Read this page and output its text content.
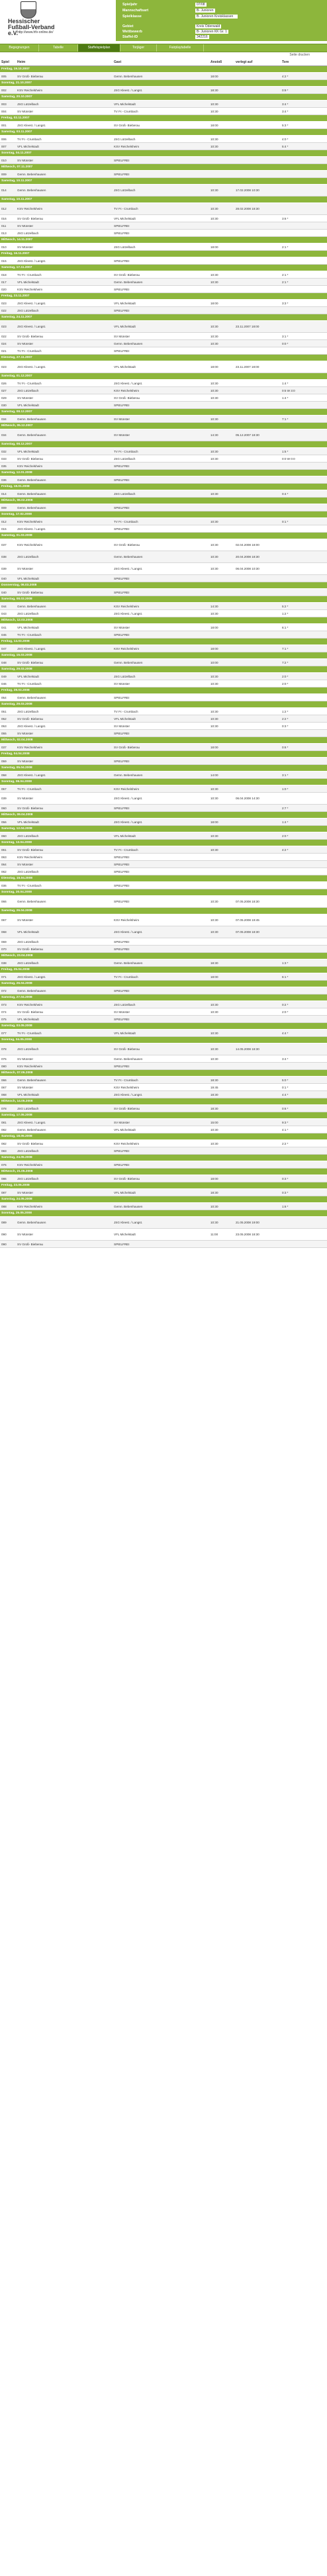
Hessischer Fußball-Verband e.V.
http://www.hfv-online.de/
Spieljahr	07/08
Mannschaftsart	B- Junioren
Spielklasse	B- Junioren Kreisklassen
Gebiet	Kreis Odenwald
Wettbewerb	B- Junioren KK Gr. 1
Staffel-ID	342216
Begegnungen	Tabelle	Staffelspielplan	Torjäger	Fairplaytabelle
Seite drucken
Spiel	Heim	Gast	Anstoß	verlegt auf	Tore
Freitag, 19.10.2007					
005	SV Groß- Bieberau	Gemn. Bebenhausen	18:00		4:2 *
Sonntag, 21.10.2007					
002	KSV Reichelsheim	JSG Kleest. / Langst.	18:30		0:9 *
Samstag, 20.10.2007					
003	JSG Lützelbach	VFL Michelstadt	10:30		3:4 *
004	SV Münster	TV Fr.- Crumbach	10:30		3:4 *
Freitag, 02.11.2007					
001	JSG Kleest. / Langst.	SV Groß- Bieberau	18:00		5:3 *
Samstag, 03.11.2007					
006	TV Fr.- Crumbach	JSG Lützelbach	10:30		4:0 *
007	VFL Michelstadt	KSV Reichelsheim	10:30		5:4 *
Sonntag, 04.11.2007					
010	SV Münster	SPIELFREI			
Mittwoch, 07.11.2007					
009	Gemn. Bebenhausen	SPIELFREI			
Samstag, 10.11.2007					
014	Gemn. Bebenhausen	JSG Lützelbach	10:30	17.02.2008 10:30	
Samstag, 10.11.2007					
012	KSV Reichelsheim	TV Fr.- Crumbach	10:30	28.02.2008 18:30	
016	SV Groß- Bieberau	VFL Michelstadt	10:30		3:6 *
011	SV Münster	SPIELFREI			
013	JSG Lützelbach	SPIELFREI			
Mittwoch, 14.11.2007					
010	SV Münster	JSG Lützelbach	18:00		2:1 *
Freitag, 16.11.2007					
015	JSG Kleest. / Langst.	SPIELFREI			
Samstag, 17.11.2007					
018	TV Fr.- Crumbach	SV Groß- Bieberau	10:30		2:1 *
017	VFL Michelstadt	Gemn. Bebenhausen	10:30		2:1 *
020	KSV Reichelsheim	SPIELFREI			
Freitag, 23.11.2007					
023	JSG Kleest. / Langst.	VFL Michelstadt	18:00		3:3 *
022	JSG Lützelbach	SPIELFREI			
Samstag, 24.11.2007					
023	JSG Kleest. / Langst.	VFL Michelstadt	10:30	23.11.2007 18:00	
022	SV Groß- Bieberau	SV Münster	10:30		3:1 *
024	SV Münster	Gemn. Bebenhausen	10:30		0:0 *
021	TV Fr.- Crumbach	SPIELFREI			
Dienstag, 27.11.2007					
023	JSG Kleest. / Langst.	VFL Michelstadt	18:00	23.11.2007 18:00	
Samstag, 01.12.2007					
026	TV Fr.- Crumbach	JSG Kleest. / Langst.	10:30		1:4 *
027	JSG Lützelbach	KSV Reichelsheim	10:30		0:5 W 3:0
029	SV Münster	SV Groß- Bieberau	10:30		1:4 *
030	VFL Michelstadt	SPIELFREI			
Samstag, 08.12.2007					
034	Gemn. Bebenhausen	SV Münster	10:30		7:1 *
Mittwoch, 05.12.2007					
034	Gemn. Bebenhausen	SV Münster	14:30	05.12.2007 18:30	
Samstag, 08.12.2007					
032	VFL Michelstadt	TV Fr.- Crumbach	10:30		1:5 *
033	SV Groß- Bieberau	JSG Lützelbach	10:30		0:0 W 0:0
035	KSV Reichelsheim	SPIELFREI			
Samstag, 12.01.2008					
036	Gemn. Bebenhausen	SPIELFREI			
Freitag, 18.01.2008					
014	Gemn. Bebenhausen	JSG Lützelbach	10:30		0:4 *
Mittwoch, 06.02.2008					
009	Gemn. Bebenhausen	SPIELFREI			
Sonntag, 17.02.2008					
012	KSV Reichelsheim	TV Fr.- Crumbach	10:30		0:1 *
015	JSG Kleest. / Langst.	SPIELFREI			
Samstag, 01.03.2008					
037	KSV Reichelsheim	SV Groß- Bieberau	10:30	02.04.2008 18:00	
038	JSG Lützelbach	Gemn. Bebenhausen	10:30	20.04.2008 18:30	
039	SV Münster	JSG Kleest. / Langst.	10:30	06.04.2008 10:30	
040	VFL Michelstadt	SPIELFREI			
Donnerstag, 06.03.2008					
040	SV Groß- Bieberau	SPIELFREI			
Samstag, 08.03.2008					
044	Gemn. Bebenhausen	KSV Reichelsheim	14:30		5:2 *
043	JSG Lützelbach	JSG Kleest. / Langst.	10:30		1:2 *
Mittwoch, 12.03.2008					
041	VFL Michelstadt	SV Münster	18:00		6:1 *
045	TV Fr.- Crumbach	SPIELFREI			
Freitag, 14.03.2008					
047	JSG Kleest. / Langst.	KSV Reichelsheim	18:00		7:1 *
Samstag, 15.03.2008					
048	SV Groß- Bieberau	Gemn. Bebenhausen	10:00		7:2 *
Samstag, 29.03.2008					
049	VFL Michelstadt	JSG Lützelbach	10:30		2:0 *
046	TV Fr.- Crumbach	SV Münster	10:30		2:0 *
Freitag, 28.03.2008					
054	Gemn. Bebenhausen	SPIELFREI			
Samstag, 29.03.2008					
051	JSG Lützelbach	TV Fr.- Crumbach	10:30		1:2 *
052	SV Groß- Bieberau	VFL Michelstadt	10:30		2:2 *
053	JSG Kleest. / Langst.	SV Münster	10:30		0:3 *
055	SV Münster	SPIELFREI			
Mittwoch, 02.04.2008					
037	KSV Reichelsheim	SV Groß- Bieberau	18:00		0:6 *
Freitag, 04.04.2008					
059	SV Münster	SPIELFREI			
Samstag, 05.04.2008					
058	JSG Kleest. / Langst.	Gemn. Bebenhausen	14:00		3:1 *
Sonntag, 06.04.2008					
057	TV Fr.- Crumbach	KSV Reichelsheim	10:30		1:0 *
039	SV Münster	JSG Kleest. / Langst.	10:30	06.04.2008 14:30	
060	SV Groß- Bieberau	SPIELFREI			2:7 *
Mittwoch, 09.04.2008					
056	VFL Michelstadt	JSG Kleest. / Langst.	18:00		1:4 *
Samstag, 12.04.2008					
060	JSG Lützelbach	VFL Michelstadt	10:30		2:0 *
Sonntag, 13.04.2008					
061	SV Groß- Bieberau	TV Fr.- Crumbach	10:30		4:2 *
063	KSV Reichelsheim	SPIELFREI			
064	SV Münster	SPIELFREI			
062	JSG Lützelbach	SPIELFREI			
Dienstag, 15.04.2008					
036	TV Fr.- Crumbach	SPIELFREI			
Sonntag, 20.04.2008					
066	Gemn. Bebenhausen	SPIELFREI	10:30	07.05.2008 18:30	
Samstag, 26.04.2008					
067	SV Münster	KSV Reichelsheim	10:30	07.05.2008 19:45	
068	VFL Michelstadt	JSG Kleest. / Langst.	10:30	07.05.2008 18:30	
069	JSG Lützelbach	SPIELFREI			
070	SV Groß- Bieberau	SPIELFREI			
Mittwoch, 23.04.2008					
038	JSG Lützelbach	Gemn. Bebenhausen	18:30		1:3 *
Freitag, 25.04.2008					
071	JSG Kleest. / Langst.	TV Fr.- Crumbach	18:00		6:1 *
Samstag, 26.04.2008					
072	Gemn. Bebenhausen	SPIELFREI			
Samstag, 27.04.2008					
073	KSV Reichelsheim	JSG Lützelbach	10:30		0:2 *
074	SV Groß- Bieberau	SV Münster	10:30		2:0 *
075	VFL Michelstadt	SPIELFREI			
Samstag, 03.05.2008					
077	TV Fr.- Crumbach	VFL Michelstadt	10:30		4:4 *
Sonntag, 04.05.2008					
078	JSG Lützelbach	SV Groß- Bieberau	10:30	14.05.2008 18:30	
076	SV Münster	Gemn. Bebenhausen	10:30		3:4 *
080	KSV Reichelsheim	SPIELFREI			
Mittwoch, 07.05.2008					
066	Gemn. Bebenhausen	TV Fr.- Crumbach	18:30		5:0 *
067	SV Münster	KSV Reichelsheim	19:45		0:1 *
068	VFL Michelstadt	JSG Kleest. / Langst.	18:30		4:4 *
Mittwoch, 14.05.2008					
078	JSG Lützelbach	SV Groß- Bieberau	18:30		0:6 *
Samstag, 17.05.2008					
081	JSG Kleest. / Langst.	SV Münster	15:00		9:3 *
082	Gemn. Bebenhausen	VFL Michelstadt	10:30		4:1 *
Samstag, 18.05.2008					
082	SV Groß- Bieberau	KSV Reichelsheim	10:30		2:2 *
083	JSG Lützelbach	SPIELFREI			
Samstag, 24.05.2008					
076	KSV Reichelsheim	SPIELFREI			
Mittwoch, 21.05.2008					
086	JSG Lützelbach	SV Groß- Bieberau	18:00		0:3 *
Freitag, 23.05.2008					
087	SV Münster	VFL Michelstadt	18:30		0:3 *
Samstag, 24.05.2008					
088	KSV Reichelsheim	Gemn. Bebenhausen	10:30		1:6 *
Sonntag, 25.05.2008					
089	Gemn. Bebenhausen	JSG Kleest. / Langst.	10:30	21.05.2008 19:00	
090	SV Münster	VFL Michelstadt	11:00	23.05.2008 18:30	
090	SV Groß- Bieberau	SPIELFREI			
